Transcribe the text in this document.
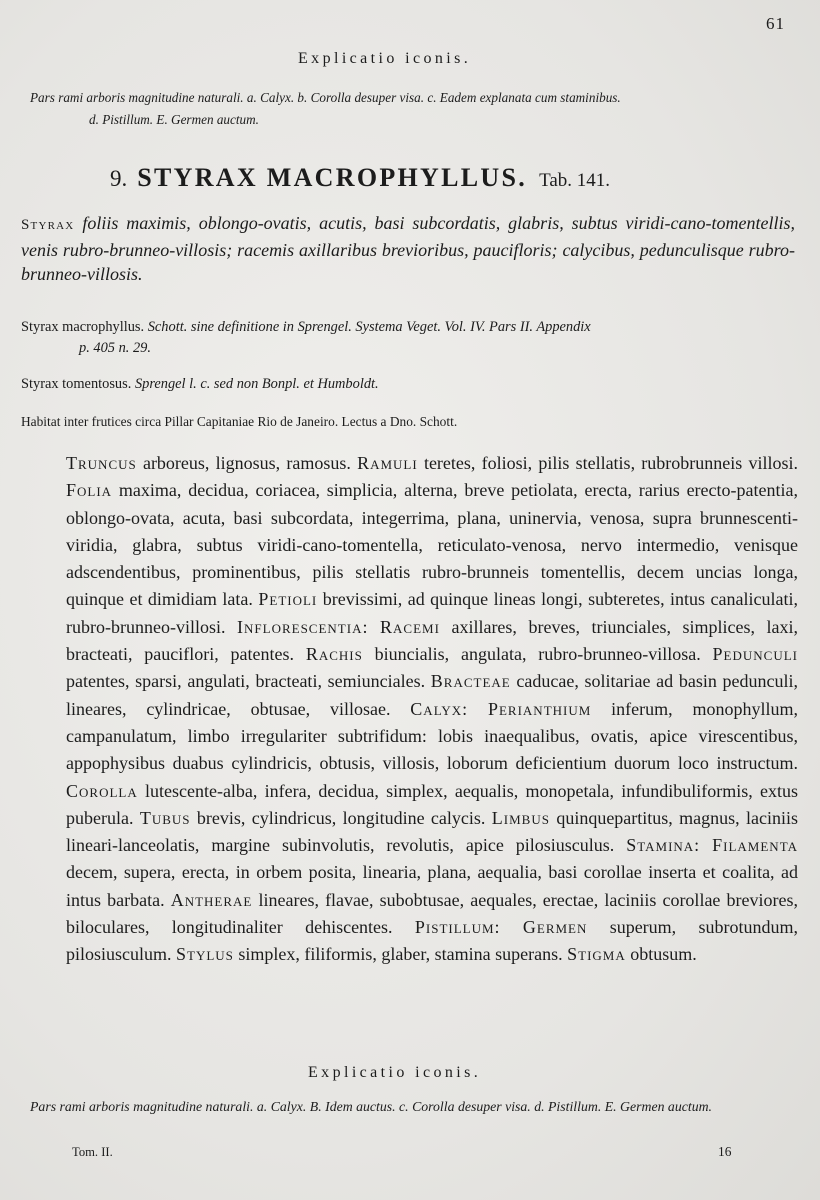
61
Explicatio iconis.
Pars rami arboris magnitudine naturali. a. Calyx. b. Corolla desuper visa. c. Eadem explanata cum staminibus.
d. Pistillum. E. Germen auctum.
9. STYRAX MACROPHYLLUS. Tab. 141.
Styrax foliis maximis, oblongo-ovatis, acutis, basi subcordatis, glabris, subtus viridi-cano-tomentellis, venis rubro-brunneo-villosis; racemis axillaribus brevioribus, paucifloris; calycibus, pedunculisque rubro-brunneo-villosis.
Styrax macrophyllus. Schott. sine definitione in Sprengel. Systema Veget. Vol. IV. Pars II. Appendix
p. 405 n. 29.
Styrax tomentosus. Sprengel l. c. sed non Bonpl. et Humboldt.
Habitat inter frutices circa Pillar Capitaniae Rio de Janeiro. Lectus a Dno. Schott.
Truncus arboreus, lignosus, ramosus. Ramuli teretes, foliosi, pilis stellatis, rubrobrunneis villosi. Folia maxima, decidua, coriacea, simplicia, alterna, breve petiolata, erecta, rarius erecto-patentia, oblongo-ovata, acuta, basi subcordata, integerrima, plana, uninervia, venosa, supra brunnescenti-viridia, glabra, subtus viridi-cano-tomentella, reticulato-venosa, nervo intermedio, venisque adscendentibus, prominentibus, pilis stellatis rubro-brunneis tomentellis, decem uncias longa, quinque et dimidiam lata. Petioli brevissimi, ad quinque lineas longi, subteretes, intus canaliculati, rubro-brunneo-villosi. Inflorescentia: Racemi axillares, breves, triunciales, simplices, laxi, bracteati, pauciflori, patentes. Rachis biuncialis, angulata, rubro-brunneo-villosa. Pedunculi patentes, sparsi, angulati, bracteati, semiunciales. Bracteae caducae, solitariae ad basin pedunculi, lineares, cylindricae, obtusae, villosae. Calyx: Perianthium inferum, monophyllum, campanulatum, limbo irregulariter subtrifidum: lobis inaequalibus, ovatis, apice virescentibus, appophysibus duabus cylindricis, obtusis, villosis, loborum deficientium duorum loco instructum. Corolla lutescente-alba, infera, decidua, simplex, aequalis, monopetala, infundibuliformis, extus puberula. Tubus brevis, cylindricus, longitudine calycis. Limbus quinquepartitus, magnus, laciniis lineari-lanceolatis, margine subinvolutis, revolutis, apice pilosiusculus. Stamina: Filamenta decem, supera, erecta, in orbem posita, linearia, plana, aequalia, basi corollae inserta et coalita, ad intus barbata. Antherae lineares, flavae, subobtusae, aequales, erectae, laciniis corollae breviores, biloculares, longitudinaliter dehiscentes. Pistillum: Germen superum, subrotundum, pilosiusculum. Stylus simplex, filiformis, glaber, stamina superans. Stigma obtusum.
Explicatio iconis.
Pars rami arboris magnitudine naturali. a. Calyx. B. Idem auctus. c. Corolla desuper visa. d. Pistillum. E. Germen auctum.
Tom. II.	16
